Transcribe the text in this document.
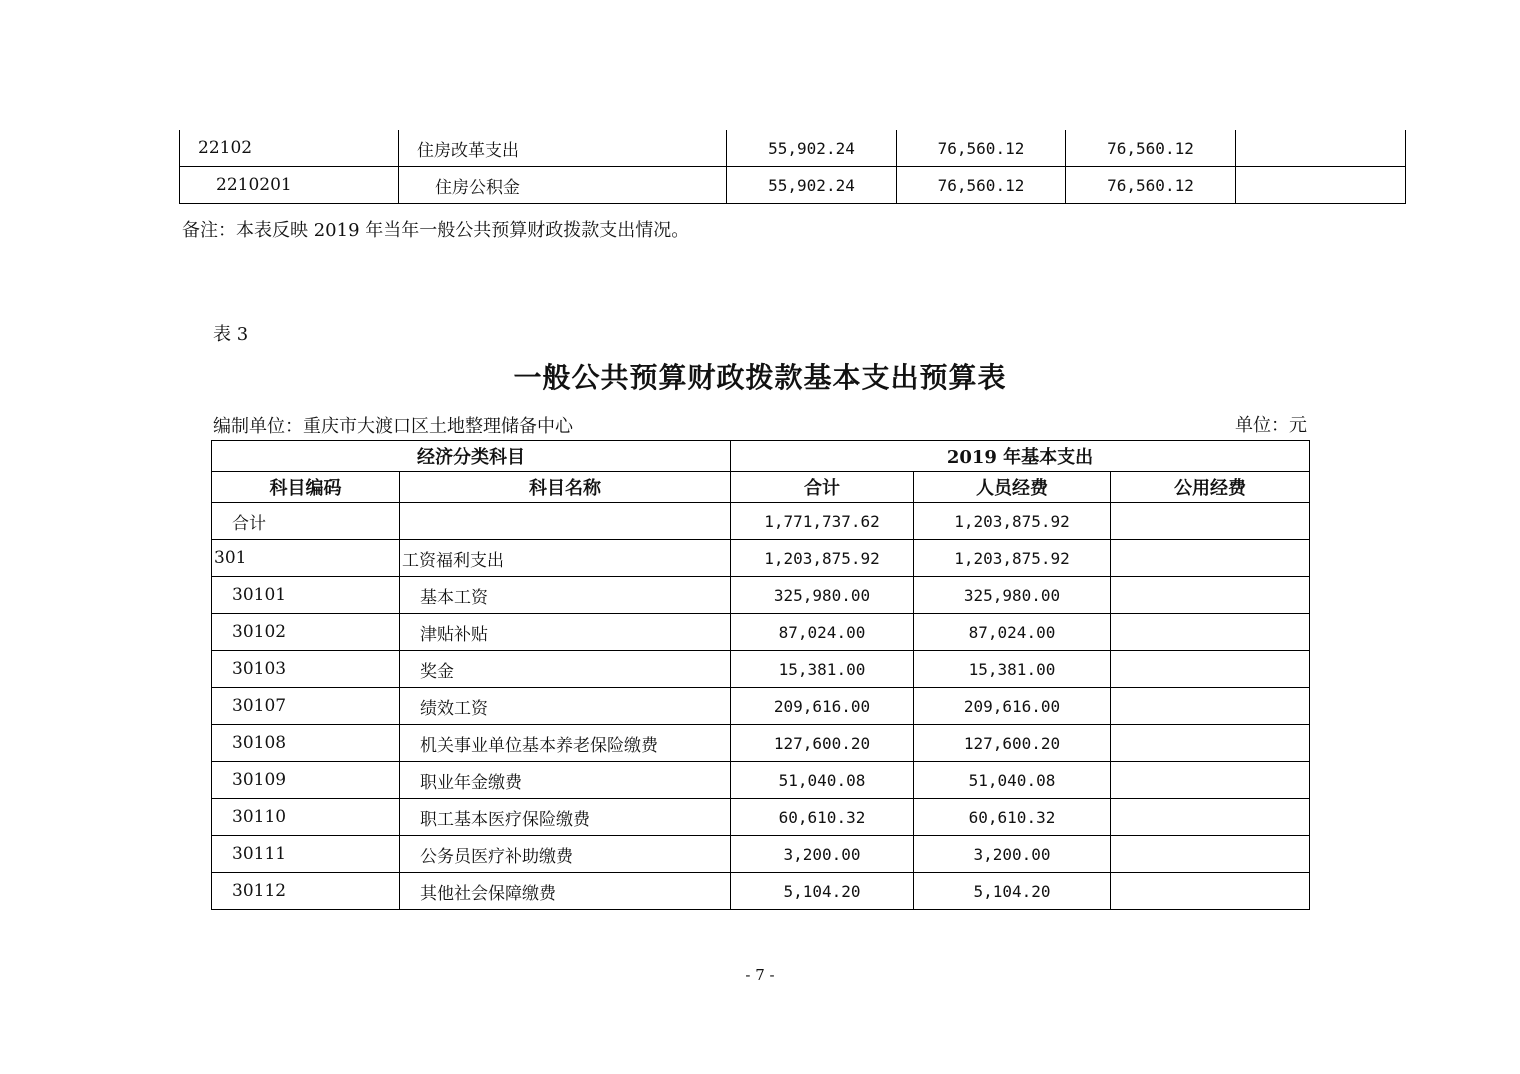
22102	住房改革支出	55,902.24	76,560.12	76,560.12	
2210201	住房公积金	55,902.24	76,560.12	76,560.12	
备注：本表反映 2019 年当年一般公共预算财政拨款支出情况。
表 3
一般公共预算财政拨款基本支出预算表
编制单位：重庆市大渡口区土地整理储备中心	单位：元
经济分类科目		2019 年基本支出		
科目编码	科目名称	合计	人员经费	公用经费
合计		1,771,737.62	1,203,875.92	
301	工资福利支出	1,203,875.92	1,203,875.92	
30101	基本工资	325,980.00	325,980.00	
30102	津贴补贴	87,024.00	87,024.00	
30103	奖金	15,381.00	15,381.00	
30107	绩效工资	209,616.00	209,616.00	
30108	机关事业单位基本养老保险缴费	127,600.20	127,600.20	
30109	职业年金缴费	51,040.08	51,040.08	
30110	职工基本医疗保险缴费	60,610.32	60,610.32	
30111	公务员医疗补助缴费	3,200.00	3,200.00	
30112	其他社会保障缴费	5,104.20	5,104.20	
- 7 -
